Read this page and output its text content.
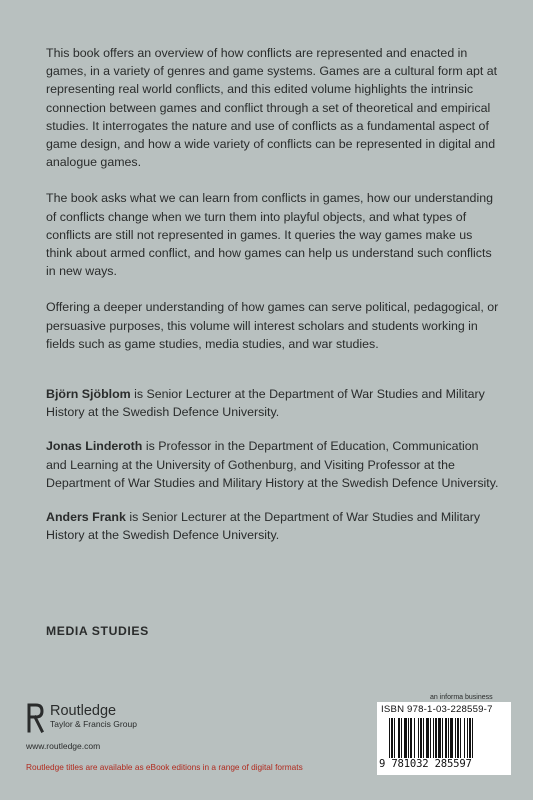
This book offers an overview of how conflicts are represented and enacted in games, in a variety of genres and game systems. Games are a cultural form apt at representing real world conflicts, and this edited volume highlights the intrinsic connection between games and conflict through a set of theoretical and empirical studies. It interrogates the nature and use of conflicts as a fundamental aspect of game design, and how a wide variety of conflicts can be represented in digital and analogue games.

The book asks what we can learn from conflicts in games, how our understanding of conflicts change when we turn them into playful objects, and what types of conflicts are still not represented in games. It queries the way games make us think about armed conflict, and how games can help us understand such conflicts in new ways.

Offering a deeper understanding of how games can serve political, pedagogical, or persuasive purposes, this volume will interest scholars and students working in fields such as game studies, media studies, and war studies.

Björn Sjöblom is Senior Lecturer at the Department of War Studies and Military History at the Swedish Defence University.

Jonas Linderoth is Professor in the Department of Education, Communication and Learning at the University of Gothenburg, and Visiting Professor at the Department of War Studies and Military History at the Swedish Defence University.

Anders Frank is Senior Lecturer at the Department of War Studies and Military History at the Swedish Defence University.

MEDIA STUDIES
Routledge
Taylor & Francis Group
www.routledge.com
Routledge titles are available as eBook editions in a range of digital formats
an informa business
ISBN 978-1-03-228559-7
9 781032 285597
